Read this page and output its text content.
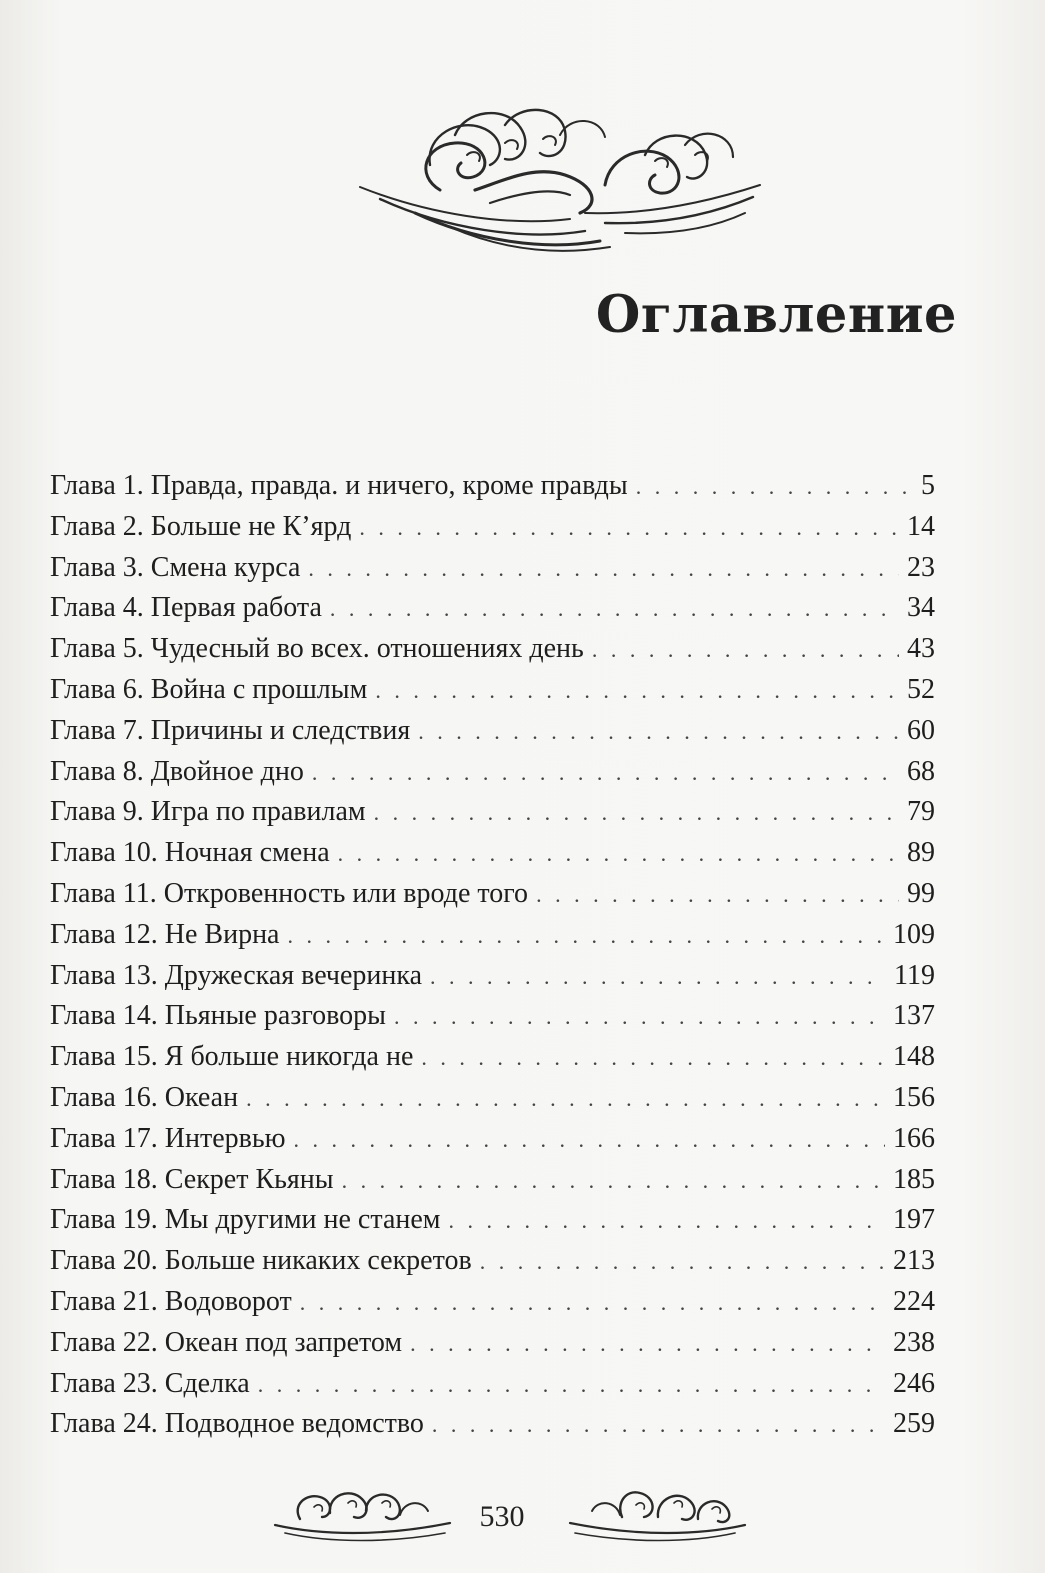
Оглавление
Глава 1. Правда, правда. и ничего, кроме правды . . .	5
Глава 2. Больше не К’ярд . . .	14
Глава 3. Смена курса . . .	23
Глава 4. Первая работа . . .	34
Глава 5. Чудесный во всех. отношениях день . . .	43
Глава 6. Война с прошлым . . .	52
Глава 7. Причины и следствия . . .	60
Глава 8. Двойное дно . . .	68
Глава 9. Игра по правилам . . .	79
Глава 10. Ночная смена . . .	89
Глава 11. Откровенность или вроде того . . .	99
Глава 12. Не Вирна . . .	109
Глава 13. Дружеская вечеринка . . .	119
Глава 14. Пьяные разговоры . . .	137
Глава 15. Я больше никогда не . . .	148
Глава 16. Океан . . .	156
Глава 17. Интервью . . .	166
Глава 18. Секрет Кьяны . . .	185
Глава 19. Мы другими не станем . . .	197
Глава 20. Больше никаких секретов . . .	213
Глава 21. Водоворот . . .	224
Глава 22. Океан под запретом . . .	238
Глава 23. Сделка . . .	246
Глава 24. Подводное ведомство . . .	259
530
